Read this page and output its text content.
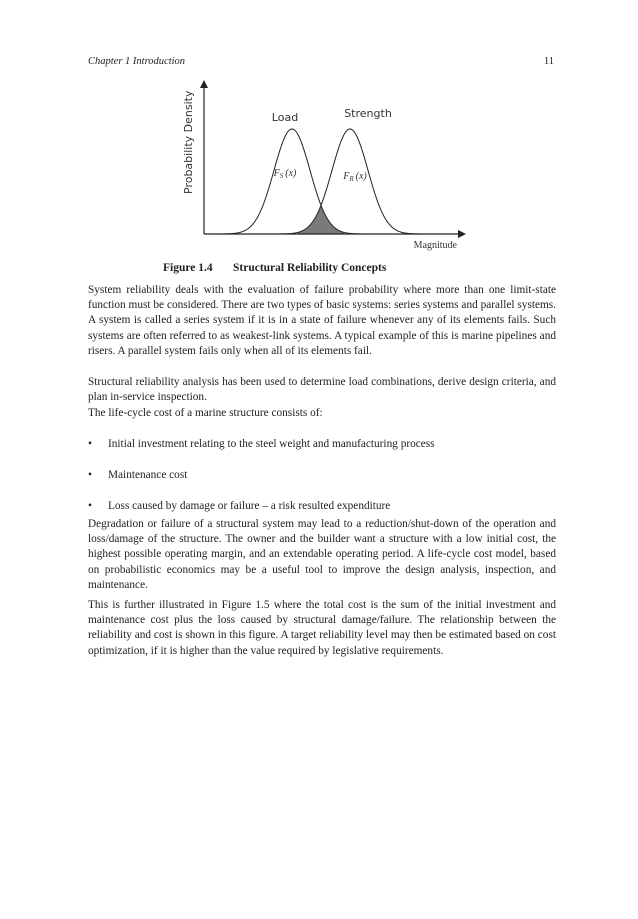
Chapter 1 Introduction	11
Probability Density
Magnitude
Load	Strength
$F_S$ (x)	$F_R$ (x)
Figure 1.4 Structural Reliability Concepts

System reliability deals with the evaluation of failure probability where more than one limit-state function must be considered. There are two types of basic systems: series systems and parallel systems. A system is called a series system if it is in a state of failure whenever any of its elements fails. Such systems are often referred to as weakest-link systems. A typical example of this is marine pipelines and risers. A parallel system fails only when all of its elements fail.

Structural reliability analysis has been used to determine load combinations, derive design criteria, and plan in-service inspection.

The life-cycle cost of a marine structure consists of:

• Initial investment relating to the steel weight and manufacturing process
• Maintenance cost
• Loss caused by damage or failure – a risk resulted expenditure

Degradation or failure of a structural system may lead to a reduction/shut-down of the operation and loss/damage of the structure. The owner and the builder want a structure with a low initial cost, the highest possible operating margin, and an extendable operating period. A life-cycle cost model, based on probabilistic economics may be a useful tool to improve the design analysis, inspection, and maintenance.

This is further illustrated in Figure 1.5 where the total cost is the sum of the initial investment and maintenance cost plus the loss caused by structural damage/failure. The relationship between the reliability and cost is shown in this figure. A target reliability level may then be estimated based on cost optimization, if it is higher than the value required by legislative requirements.
